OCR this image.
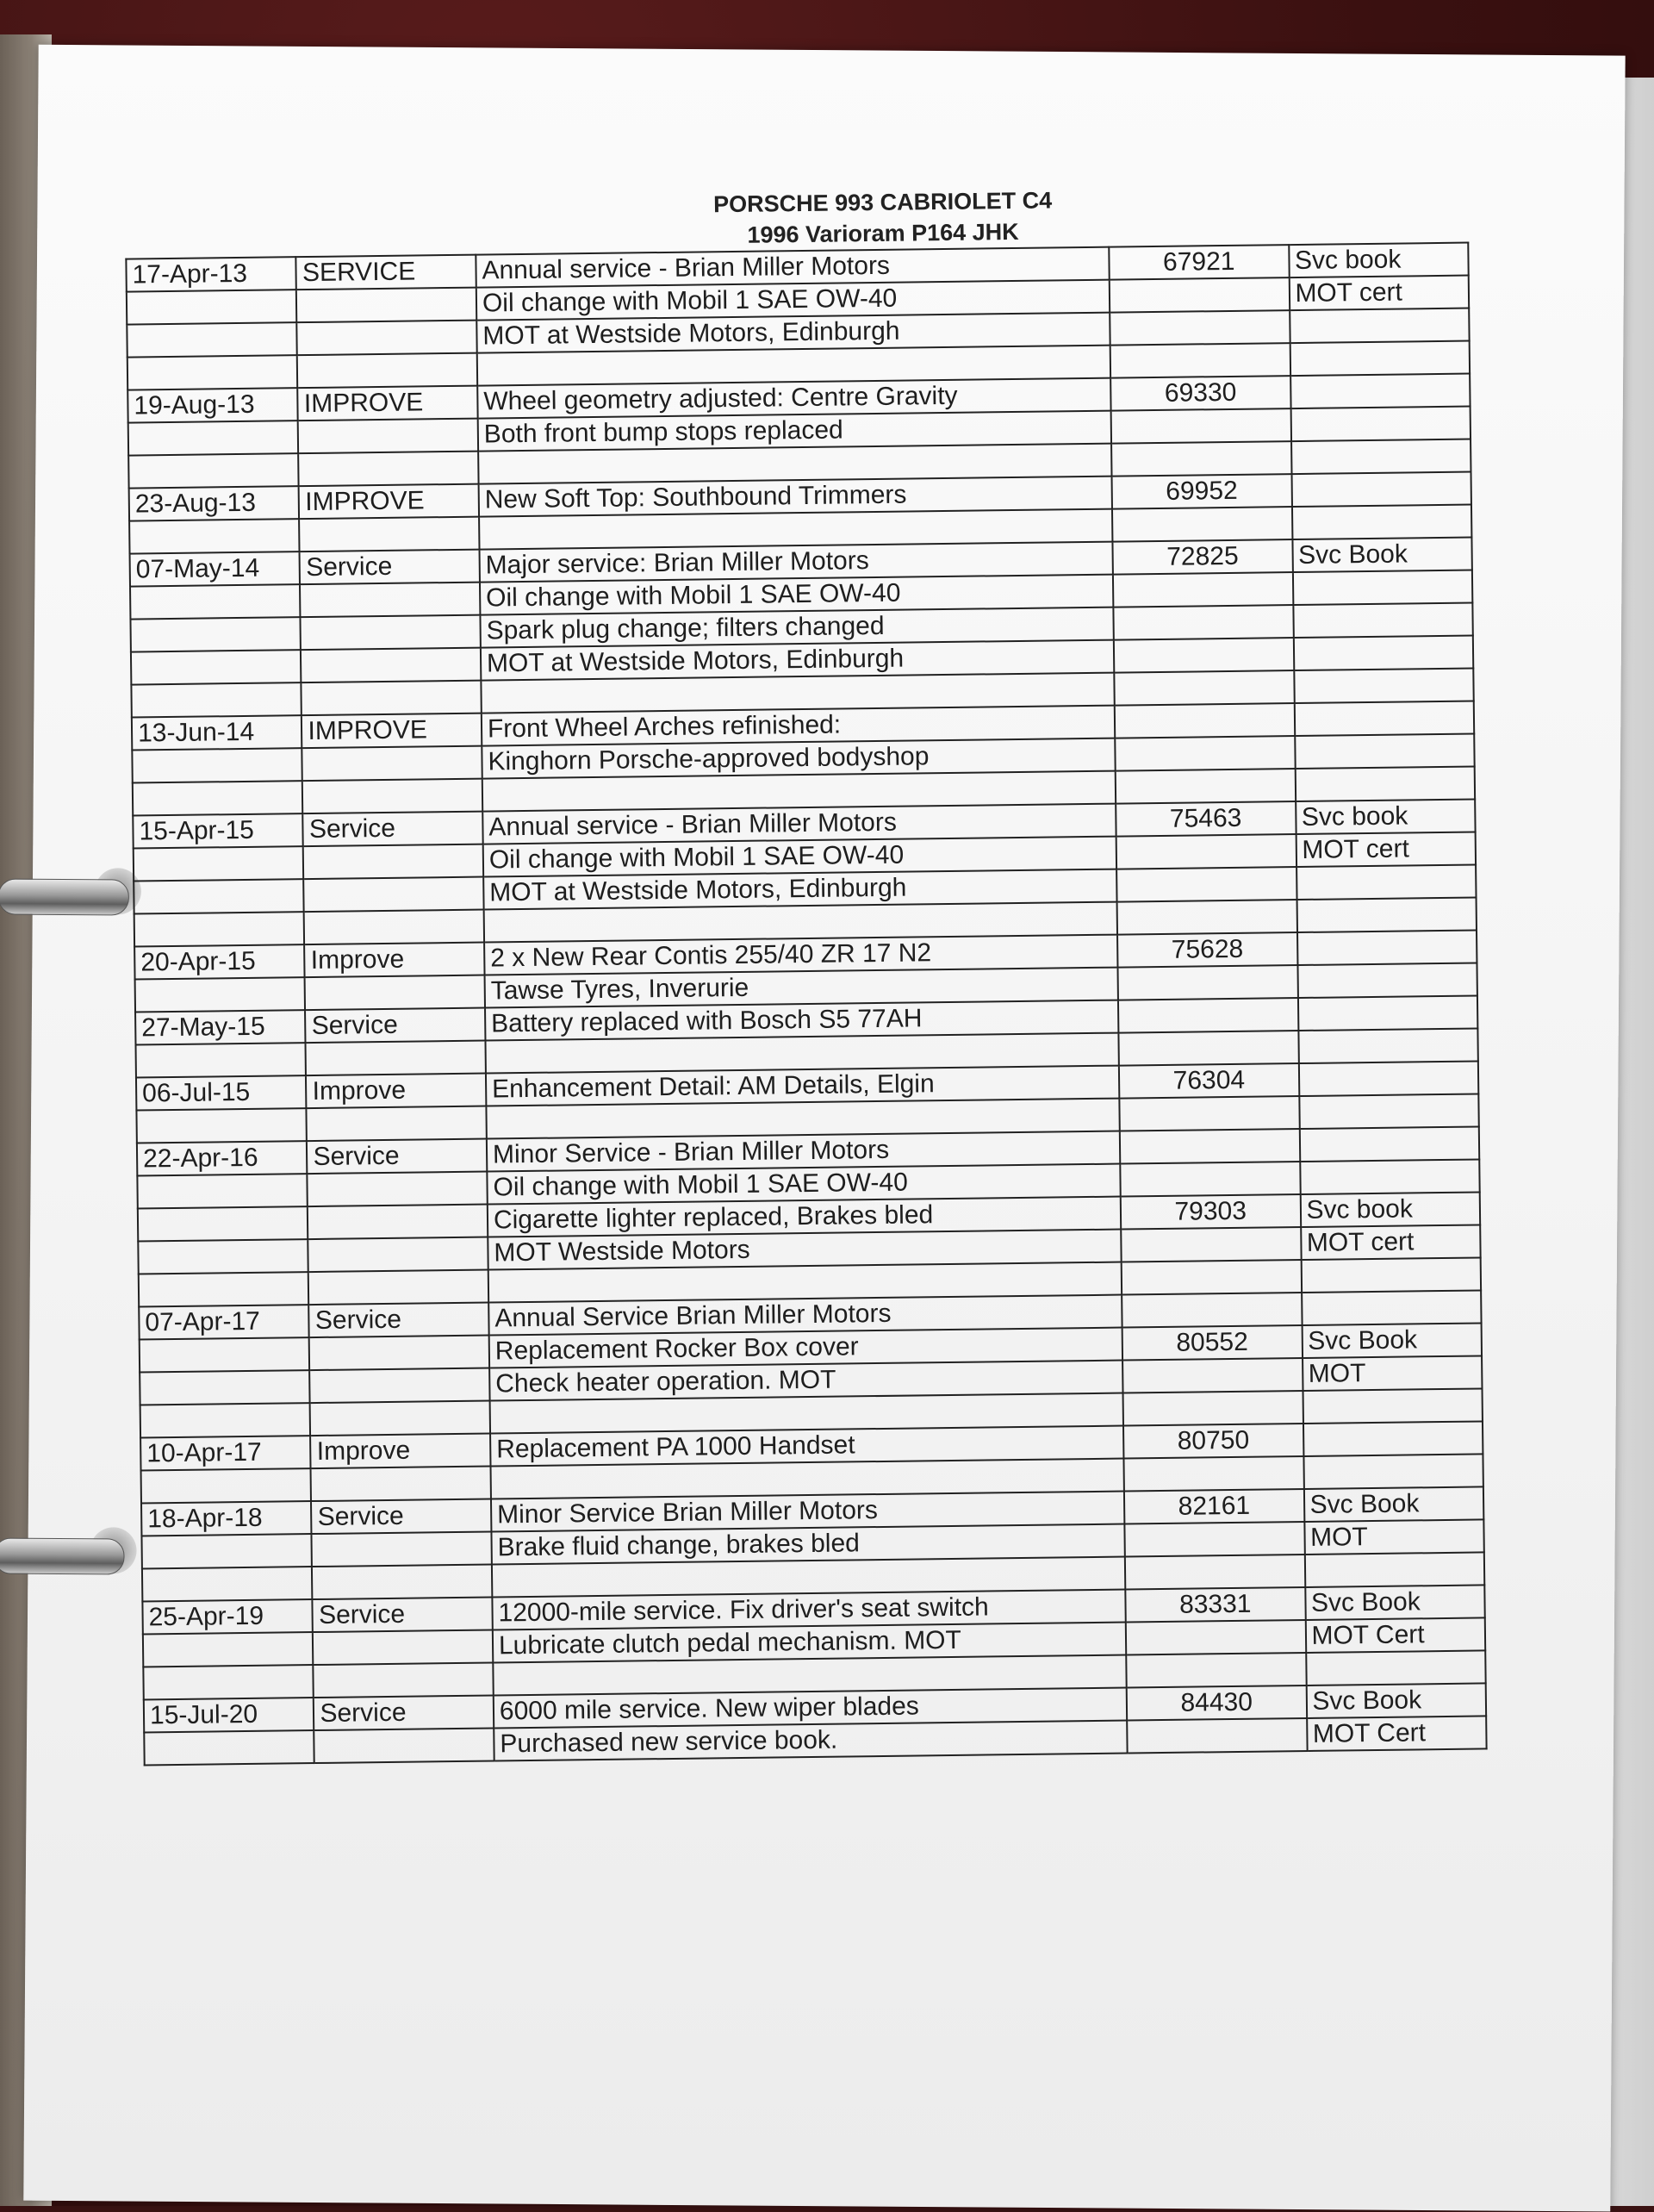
PORSCHE 993 CABRIOLET C4
1996 Varioram P164 JHK
17-Apr-13	SERVICE	Annual service - Brian Miller Motors	67921	Svc book
		Oil change with Mobil 1 SAE OW-40		MOT cert
		MOT at Westside Motors, Edinburgh		

19-Aug-13	IMPROVE	Wheel geometry adjusted: Centre Gravity	69330	
		Both front bump stops replaced		

23-Aug-13	IMPROVE	New Soft Top: Southbound Trimmers	69952	

07-May-14	Service	Major service: Brian Miller Motors	72825	Svc Book
		Oil change with Mobil 1 SAE OW-40		
		Spark plug change; filters changed		
		MOT at Westside Motors, Edinburgh		

13-Jun-14	IMPROVE	Front Wheel Arches refinished:		
		Kinghorn Porsche-approved bodyshop		

15-Apr-15	Service	Annual service - Brian Miller Motors	75463	Svc book
		Oil change with Mobil 1 SAE OW-40		MOT cert
		MOT at Westside Motors, Edinburgh		

20-Apr-15	Improve	2 x New Rear Contis 255/40 ZR 17 N2	75628	
		Tawse Tyres, Inverurie		
27-May-15	Service	Battery replaced with Bosch S5 77AH		

06-Jul-15	Improve	Enhancement Detail: AM Details, Elgin	76304	

22-Apr-16	Service	Minor Service - Brian Miller Motors		
		Oil change with Mobil 1 SAE OW-40		
		Cigarette lighter replaced, Brakes bled	79303	Svc book
		MOT Westside Motors		MOT cert

07-Apr-17	Service	Annual Service Brian Miller Motors		
		Replacement Rocker Box cover	80552	Svc Book
		Check heater operation. MOT		MOT

10-Apr-17	Improve	Replacement PA 1000 Handset	80750	

18-Apr-18	Service	Minor Service Brian Miller Motors	82161	Svc Book
		Brake fluid change, brakes bled		MOT

25-Apr-19	Service	12000-mile service. Fix driver's seat switch	83331	Svc Book
		Lubricate clutch pedal mechanism. MOT		MOT Cert

15-Jul-20	Service	6000 mile service. New wiper blades	84430	Svc Book
		Purchased new service book.		MOT Cert
